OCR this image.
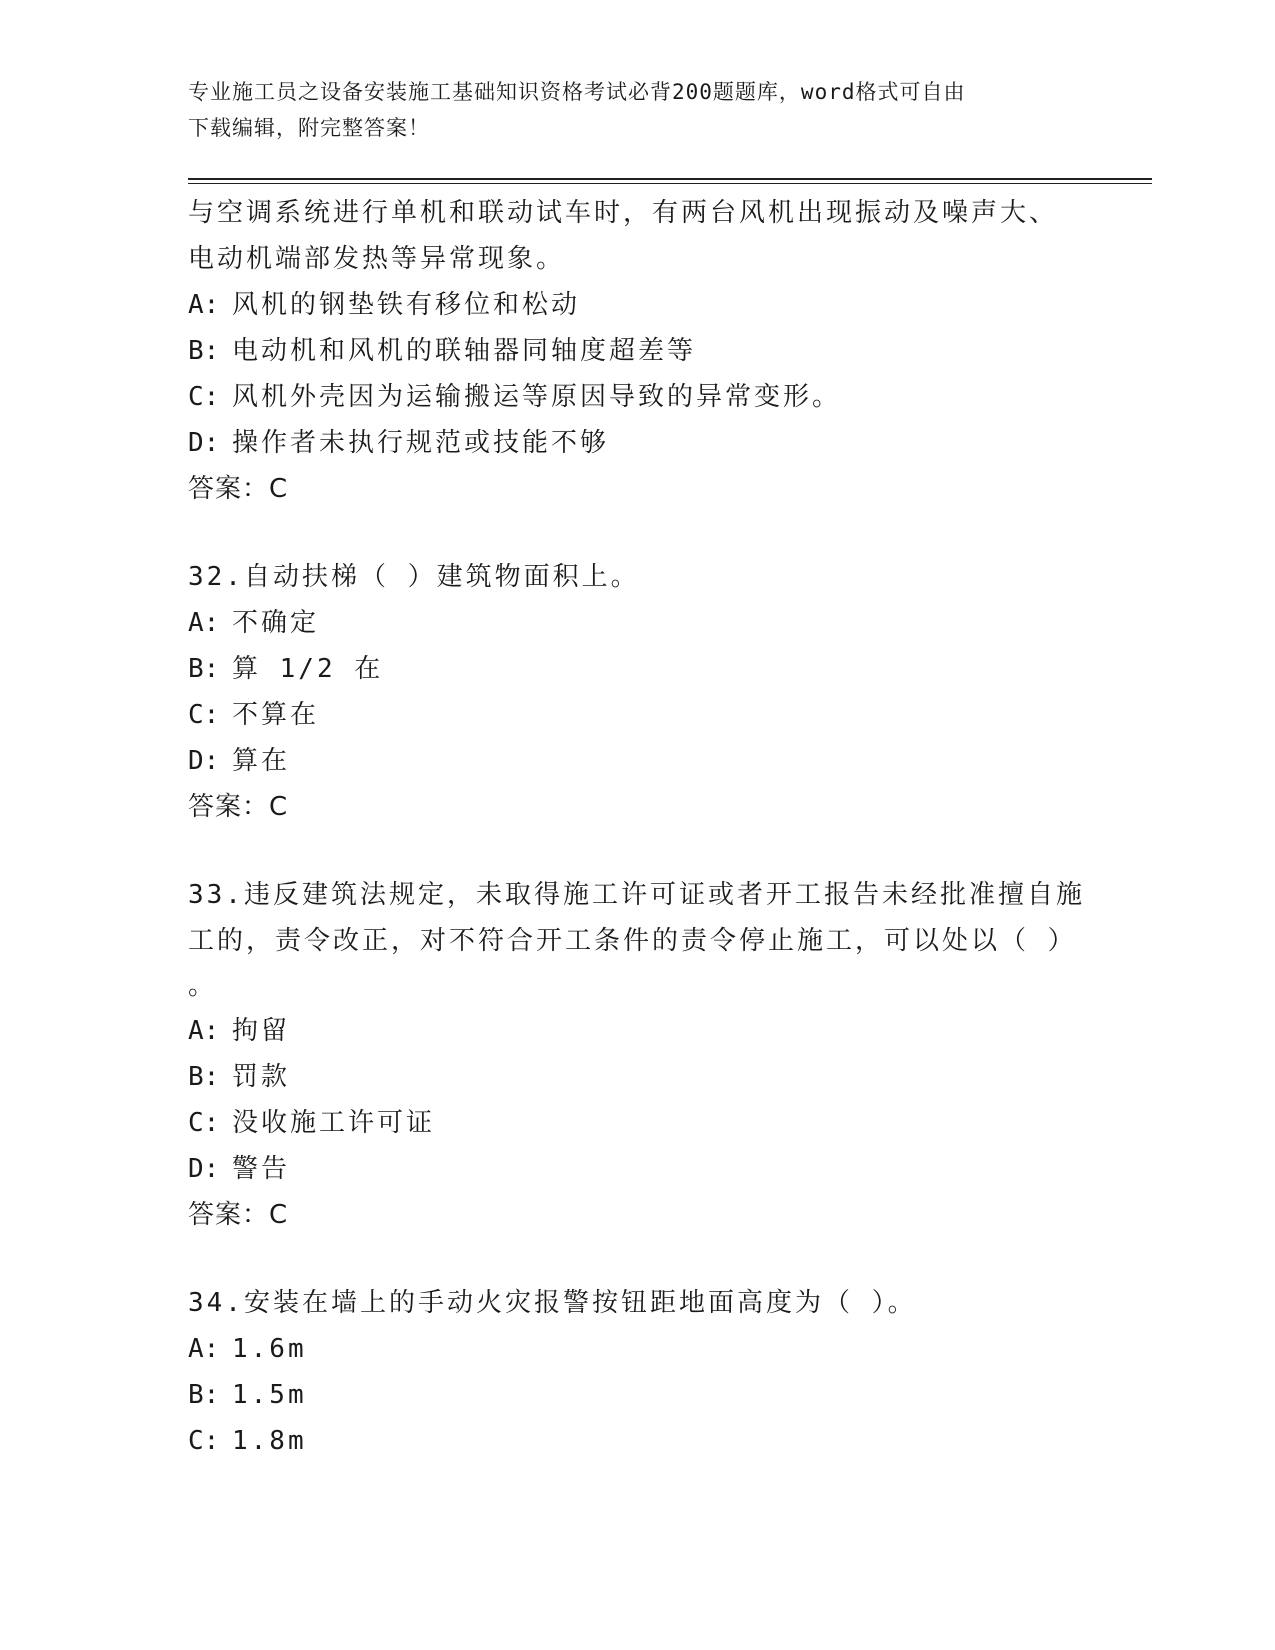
专业施工员之设备安装施工基础知识资格考试必背200题题库，word格式可自由
下载编辑，附完整答案！
与空调系统进行单机和联动试车时，有两台风机出现振动及噪声大、
电动机端部发热等异常现象。
A: 风机的钢垫铁有移位和松动
B: 电动机和风机的联轴器同轴度超差等
C: 风机外壳因为运输搬运等原因导致的异常变形。
D: 操作者未执行规范或技能不够
答案：C
32.自动扶梯（ ）建筑物面积上。
A: 不确定
B: 算 1/2 在
C: 不算在
D: 算在
答案：C
33.违反建筑法规定，未取得施工许可证或者开工报告未经批准擅自施
工的，责令改正，对不符合开工条件的责令停止施工，可以处以（ ）
。
A: 拘留
B: 罚款
C: 没收施工许可证
D: 警告
答案：C
34.安装在墙上的手动火灾报警按钮距地面高度为（ ）。
A: 1.6m
B: 1.5m
C: 1.8m
